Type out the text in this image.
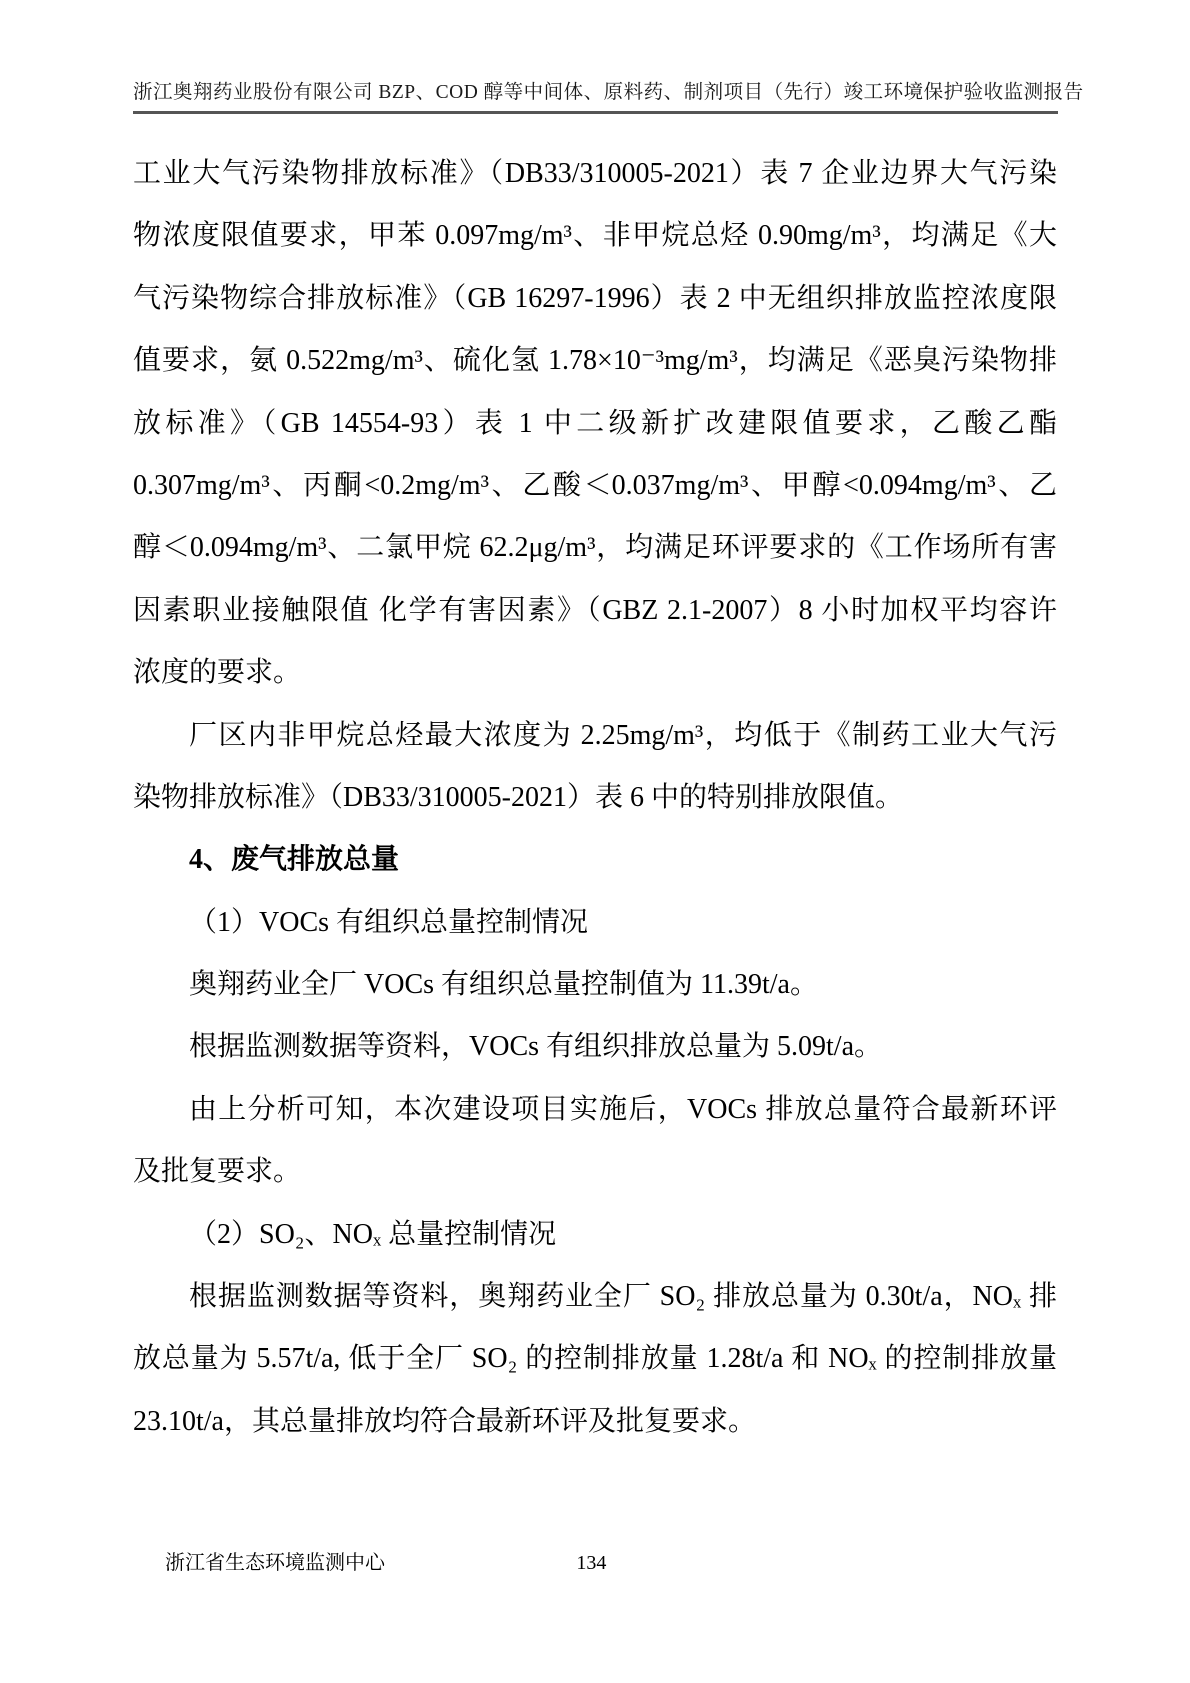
浙江奥翔药业股份有限公司 BZP、COD 醇等中间体、原料药、制剂项目（先行）竣工环境保护验收监测报告
工业大气污染物排放标准》（DB33/310005-2021）表 7 企业边界大气污染
物浓度限值要求，甲苯 0.097mg/m³、非甲烷总烃 0.90mg/m³，均满足《大
气污染物综合排放标准》（GB 16297-1996）表 2 中无组织排放监控浓度限
值要求，氨 0.522mg/m³、硫化氢 1.78×10⁻³mg/m³，均满足《恶臭污染物排
放标准》（GB 14554-93）表 1 中二级新扩改建限值要求，乙酸乙酯
0.307mg/m³、丙酮<0.2mg/m³、乙酸＜0.037mg/m³、甲醇<0.094mg/m³、乙
醇＜0.094mg/m³、二氯甲烷 62.2μg/m³，均满足环评要求的《工作场所有害
因素职业接触限值 化学有害因素》（GBZ 2.1-2007）8 小时加权平均容许
浓度的要求。
厂区内非甲烷总烃最大浓度为 2.25mg/m³，均低于《制药工业大气污
染物排放标准》（DB33/310005-2021）表 6 中的特别排放限值。
4、废气排放总量
（1）VOCs 有组织总量控制情况
奥翔药业全厂 VOCs 有组织总量控制值为 11.39t/a。
根据监测数据等资料，VOCs 有组织排放总量为 5.09t/a。
由上分析可知，本次建设项目实施后，VOCs 排放总量符合最新环评
及批复要求。
（2）SO₂、NOₓ 总量控制情况
根据监测数据等资料，奥翔药业全厂 SO₂ 排放总量为 0.30t/a，NOₓ 排
放总量为 5.57t/a, 低于全厂 SO₂ 的控制排放量 1.28t/a 和 NOₓ 的控制排放量
23.10t/a，其总量排放均符合最新环评及批复要求。
浙江省生态环境监测中心	134
